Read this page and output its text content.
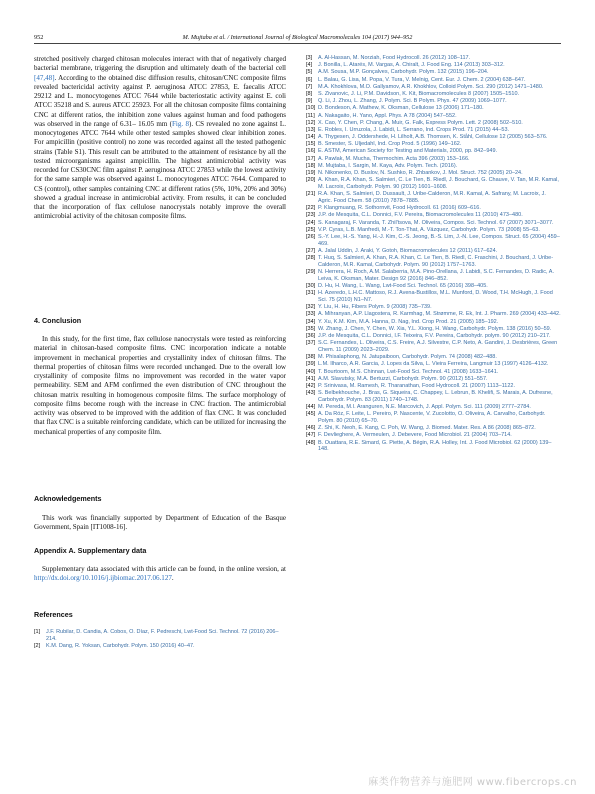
952	M. Mujtaba et al. / International Journal of Biological Macromolecules 104 (2017) 944–952

stretched positively charged chitosan molecules interact with that of negatively charged bacterial membrane, triggering the disruption and ultimately death of the bacterial cell [47,48]. According to the obtained disc diffusion results, chitosan/CNC composite films revealed bactericidal activity against P. aeruginosa ATCC 27853, E. faecalis ATCC 29212 and L. monocytogenes ATCC 7644 while bacteriostatic activity against E. coli ATCC 35218 and S. aureus ATCC 25923. For all the chitosan composite films containing CNC at different ratios, the inhibition zone values against human and food pathogens was observed in the range of 6.31– 16.05 mm (Fig. 8). CS revealed no zone against L. monocytogenes ATCC 7644 while other tested samples showed clear inhibition zones. For ampicillin (positive control) no zone was recorded against all the tested pathogenic strains (Table S1). This result can be attributed to the attainment of resistance by all the tested microorganisms against ampicillin. The highest antimicrobial activity was recorded for CS30CNC film against P. aeruginosa ATCC 27853 while the lowest activity for the same sample was observed against L. monocytogenes ATCC 7644. Compared to CS (control), other samples containing CNC at different ratios (5%, 10%, 20% and 30%) showed a gradual increase in antimicrobial activity. From results, it can be concluded that the incorporation of flax cellulose nanocrystals notably improve the overall antimicrobial activity of the chitosan composite films.

4. Conclusion

In this study, for the first time, flax cellulose nanocrystals were tested as reinforcing material in chitosan-based composite films. CNC incorporation indicate a notable improvement in mechanical properties and crystallinity index of chitosan films. The thermal properties of chitosan films were recorded unchanged. Due to the overall low crystallinity of composite films no improvement was recorded in the water vapor permeability. SEM and AFM confirmed the even distribution of CNC throughout the chitosan matrix resulting in homogenous composite films. The surface morphology of composite films become rough with the increase in CNC fraction. The antimicrobial activity was observed to be improved with the addition of flax CNC. It was concluded that flax CNC is a suitable reinforcing candidate, which can be utilized for increasing the mechanical properties of any composite film.

Acknowledgements

This work was financially supported by Department of Education of the Basque Government, Spain [IT1008-16].

Appendix A. Supplementary data

Supplementary data associated with this article can be found, in the online version, at http://dx.doi.org/10.1016/j.ijbiomac.2017.06.127.

References
[1] J.F. Rubilar, D. Candia, A. Cobos, O. Díaz, F. Pedreschi, Lwt-Food Sci. Technol. 72 (2016) 206–214.
[2] K.M. Dang, R. Yoksan, Carbohydr. Polym. 150 (2016) 40–47.
[3] A. Al-Hassan, M. Norziah, Food Hydrocoll. 26 (2012) 108–117.
[4] J. Bonilla, L. Atarés, M. Vargas, A. Chiralt, J. Food Eng. 114 (2013) 303–312.
[5] A.M. Sousa, M.P. Gonçalves, Carbohydr. Polym. 132 (2015) 196–204.
[6] L. Balau, G. Lisa, M. Popa, V. Tura, V. Melnig, Cent. Eur. J. Chem. 2 (2004) 638–647.
[7] M.A. Khokhlova, M.O. Gallyamov, A.R. Khokhlov, Colloid Polym. Sci. 290 (2012) 1471–1480.
[8] S. Zivanovic, J. Li, P.M. Davidson, K. Kit, Biomacromolecules 8 (2007) 1505–1510.
[9] Q. Li, J. Zhou, L. Zhang, J. Polym. Sci. B Polym. Phys. 47 (2009) 1069–1077.
[10] D. Bondeson, A. Mathew, K. Oksman, Cellulose 13 (2006) 171–180.
[11] A. Nakagaito, H. Yano, Appl. Phys. A 78 (2004) 547–552.
[12] X. Cao, Y. Chen, P. Chang, A. Muir, G. Falk, Express Polym. Lett. 2 (2008) 502–510.
[13] E. Robles, I. Urruzola, J. Labidi, L. Serrano, Ind. Crops Prod. 71 (2015) 44–53.
[14] A. Thygesen, J. Oddershede, H. Lilholt, A.B. Thomsen, K. Ståhl, Cellulose 12 (2005) 563–576.
[15] B. Smester, S. Uljedahl, Ind. Crop Prod. 5 (1996) 149–162.
[16] E. ASTM, American Society for Testing and Materials, 2000, pp. 842–949.
[17] A. Pawlak, M. Mucha, Thermochim. Acta 396 (2003) 153–166.
[18] M. Mujtaba, I. Sargin, M. Kaya, Adv. Polym. Tech. (2016).
[19] N. Nikonenko, D. Buslov, N. Sushko, R. Zhbankov, J. Mol. Struct. 752 (2005) 20–24.
[20] A. Khan, R.A. Khan, S. Salmieri, C. Le Tien, B. Riedl, J. Bouchard, G. Chauve, V. Tan, M.R. Kamal, M. Lacroix, Carbohydr. Polym. 90 (2012) 1601–1608.
[21] R.A. Khan, S. Salmieri, D. Dussault, J. Uribe-Calderon, M.R. Kamal, A. Safrany, M. Lacroix, J. Agric. Food Chem. 58 (2010) 7878–7885.
[22] P. Klangmuang, R. Sothornvit, Food Hydrocoll. 61 (2016) 609–616.
[23] J.P. de Mesquita, C.L. Donnici, F.V. Pereira, Biomacromolecules 11 (2010) 473–480.
[24] S. Kanagaraj, F. Varanda, T. Zhil'tsova, M. Oliveira, Compos. Sci. Technol. 67 (2007) 3071–3077.
[25] V.P. Cyras, L.B. Manfredi, M.-T. Ton-That, A. Vázquez, Carbohydr. Polym. 73 (2008) 55–63.
[26] S.-Y. Lee, H.-S. Yang, H.-J. Kim, C.-S. Jeong, B.-S. Lim, J.-N. Lee, Compos. Struct. 65 (2004) 459–469.
[27] A. Jalal Uddin, J. Araki, Y. Gotoh, Biomacromolecules 12 (2011) 617–624.
[28] T. Huq, S. Salmieri, A. Khan, R.A. Khan, C. Le Tien, B. Riedl, C. Fraschini, J. Bouchard, J. Uribe-Calderon, M.R. Kamal, Carbohydr. Polym. 90 (2012) 1757–1763.
[29] N. Herrera, H. Roch, A.M. Salaberria, M.A. Pino-Orellana, J. Labidi, S.C. Fernandes, D. Radic, A. Leiva, K. Oksman, Mater. Design 92 (2016) 846–852.
[30] D. Hu, H. Wang, L. Wang, Lwt-Food Sci. Technol. 65 (2016) 398–405.
[31] H. Azeredo, L.H.C. Mattoso, R.J. Avena-Bustillos, M.L. Munford, D. Wood, T.H. McHugh, J. Food Sci. 75 (2010) N1–N7.
[32] Y. Liu, H. Hu, Fibers Polym. 9 (2008) 735–739.
[33] A. Mihranyan, A.P. Llagostera, R. Karmhag, M. Strømme, R. Ek, Int. J. Pharm. 269 (2004) 433–442.
[34] Y. Xu, K.M. Kim, M.A. Hanna, D. Nag, Ind. Crop Prod. 21 (2005) 185–192.
[35] W. Zhang, J. Chen, Y. Chen, W. Xia, Y.L. Xiong, H. Wang, Carbohydr. Polym. 138 (2016) 50–59.
[36] J.P. de Mesquita, C.L. Donnici, I.F. Teixeira, F.V. Pereira, Carbohydr. polym. 90 (2012) 210–217.
[37] S.C. Fernandes, L. Oliveira, C.S. Freire, A.J. Silvestre, C.P. Neto, A. Gandini, J. Desbrières, Green Chem. 11 (2009) 2023–2029.
[38] M. Phisalaphong, N. Jatupaiboon, Carbohydr. Polym. 74 (2008) 482–488.
[39] L.M. Ilharco, A.R. Garcia, J. Lopes da Silva, L. Vieira Ferreira, Langmuir 13 (1997) 4126–4132.
[40] T. Bourtoom, M.S. Chinnan, Lwt-Food Sci. Technol. 41 (2008) 1633–1641.
[41] A.M. Slavutsky, M.A. Bertuzzi, Carbohydr. Polym. 90 (2012) 551–557.
[42] P. Srinivasa, M. Ramesh, R. Tharanathan, Food Hydrocoll. 21 (2007) 1113–1122.
[43] S. Belbekhouche, J. Bras, G. Siqueira, C. Chappey, L. Lebrun, B. Khelifi, S. Marais, A. Dufresne, Carbohydr. Polym. 83 (2011) 1740–1748.
[44] M. Pereda, M.I. Aranguren, N.E. Marcovich, J. Appl. Polym. Sci. 111 (2009) 2777–2784.
[45] A. Da Róz, F. Leite, L. Pereiro, P. Nascente, V. Zucolotto, O. Oliveira, A. Carvalho, Carbohydr. Polym. 80 (2010) 65–70.
[46] Z. Shi, K. Neoh, E. Kang, C. Poh, W. Wang, J. Biomed. Mater. Res. A 86 (2008) 865–872.
[47] F. Devlieghere, A. Vermeulen, J. Debevere, Food Microbiol. 21 (2004) 703–714.
[48] B. Ouattara, R.E. Simard, G. Piette, A. Bégin, R.A. Holley, Int. J. Food Microbiol. 62 (2000) 139–148.
麻类作物营养与施肥网 www.fibercrops.cn
